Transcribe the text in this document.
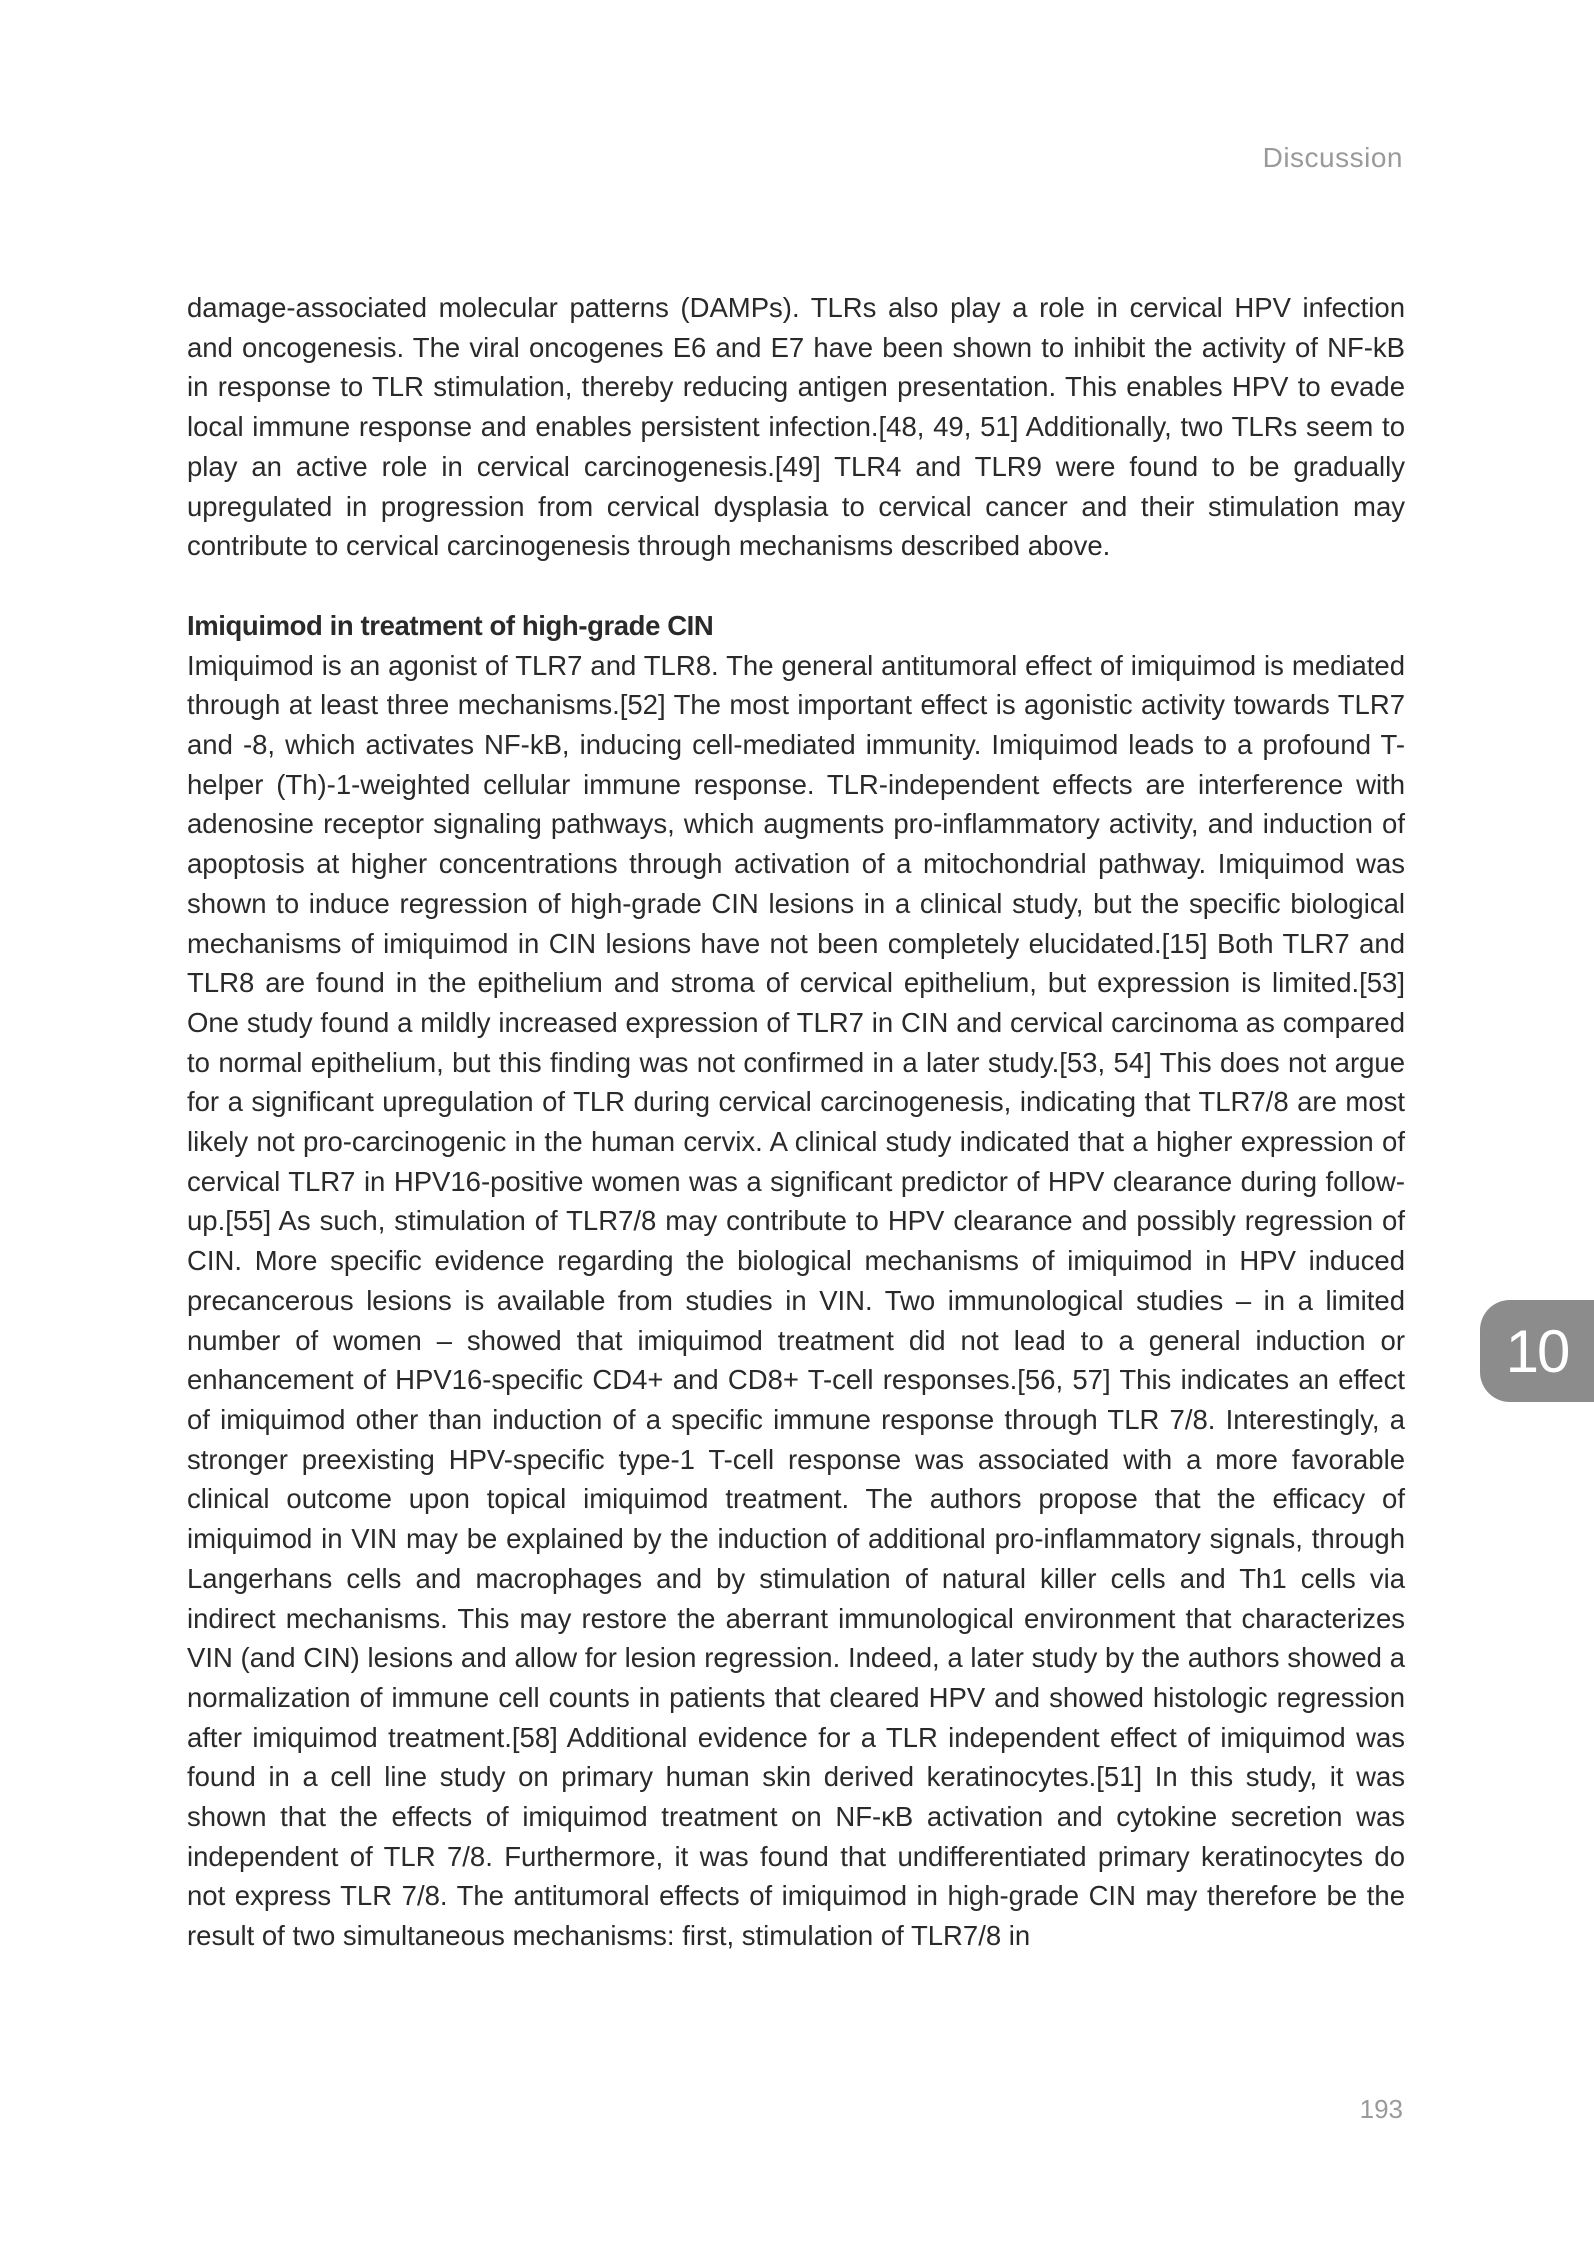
Discussion

damage-associated molecular patterns (DAMPs). TLRs also play a role in cervical HPV infection and oncogenesis. The viral oncogenes E6 and E7 have been shown to inhibit the activity of NF-kB in response to TLR stimulation, thereby reducing antigen presentation. This enables HPV to evade local immune response and enables persistent infection.[48, 49, 51] Additionally, two TLRs seem to play an active role in cervical carcinogenesis.[49] TLR4 and TLR9 were found to be gradually upregulated in progression from cervical dysplasia to cervical cancer and their stimulation may contribute to cervical carcinogenesis through mechanisms described above.

Imiquimod in treatment of high-grade CIN

Imiquimod is an agonist of TLR7 and TLR8. The general antitumoral effect of imiquimod is mediated through at least three mechanisms.[52] The most important effect is agonistic activity towards TLR7 and -8, which activates NF-kB, inducing cell-mediated immunity. Imiquimod leads to a profound T-helper (Th)-1-weighted cellular immune response. TLR-independent effects are interference with adenosine receptor signaling pathways, which augments pro-inflammatory activity, and induction of apoptosis at higher concentrations through activation of a mitochondrial pathway. Imiquimod was shown to induce regression of high-grade CIN lesions in a clinical study, but the specific biological mechanisms of imiquimod in CIN lesions have not been completely elucidated.[15] Both TLR7 and TLR8 are found in the epithelium and stroma of cervical epithelium, but expression is limited.[53] One study found a mildly increased expression of TLR7 in CIN and cervical carcinoma as compared to normal epithelium, but this finding was not confirmed in a later study.[53, 54] This does not argue for a significant upregulation of TLR during cervical carcinogenesis, indicating that TLR7/8 are most likely not pro-carcinogenic in the human cervix. A clinical study indicated that a higher expression of cervical TLR7 in HPV16-positive women was a significant predictor of HPV clearance during follow-up.[55] As such, stimulation of TLR7/8 may contribute to HPV clearance and possibly regression of CIN. More specific evidence regarding the biological mechanisms of imiquimod in HPV induced precancerous lesions is available from studies in VIN. Two immunological studies – in a limited number of women – showed that imiquimod treatment did not lead to a general induction or enhancement of HPV16-specific CD4+ and CD8+ T-cell responses.[56, 57] This indicates an effect of imiquimod other than induction of a specific immune response through TLR 7/8. Interestingly, a stronger preexisting HPV-specific type-1 T-cell response was associated with a more favorable clinical outcome upon topical imiquimod treatment. The authors propose that the efficacy of imiquimod in VIN may be explained by the induction of additional pro-inflammatory signals, through Langerhans cells and macrophages and by stimulation of natural killer cells and Th1 cells via indirect mechanisms. This may restore the aberrant immunological environment that characterizes VIN (and CIN) lesions and allow for lesion regression. Indeed, a later study by the authors showed a normalization of immune cell counts in patients that cleared HPV and showed histologic regression after imiquimod treatment.[58] Additional evidence for a TLR independent effect of imiquimod was found in a cell line study on primary human skin derived keratinocytes.[51] In this study, it was shown that the effects of imiquimod treatment on NF-κB activation and cytokine secretion was independent of TLR 7/8. Furthermore, it was found that undifferentiated primary keratinocytes do not express TLR 7/8. The antitumoral effects of imiquimod in high-grade CIN may therefore be the result of two simultaneous mechanisms: first, stimulation of TLR7/8 in

10
193
